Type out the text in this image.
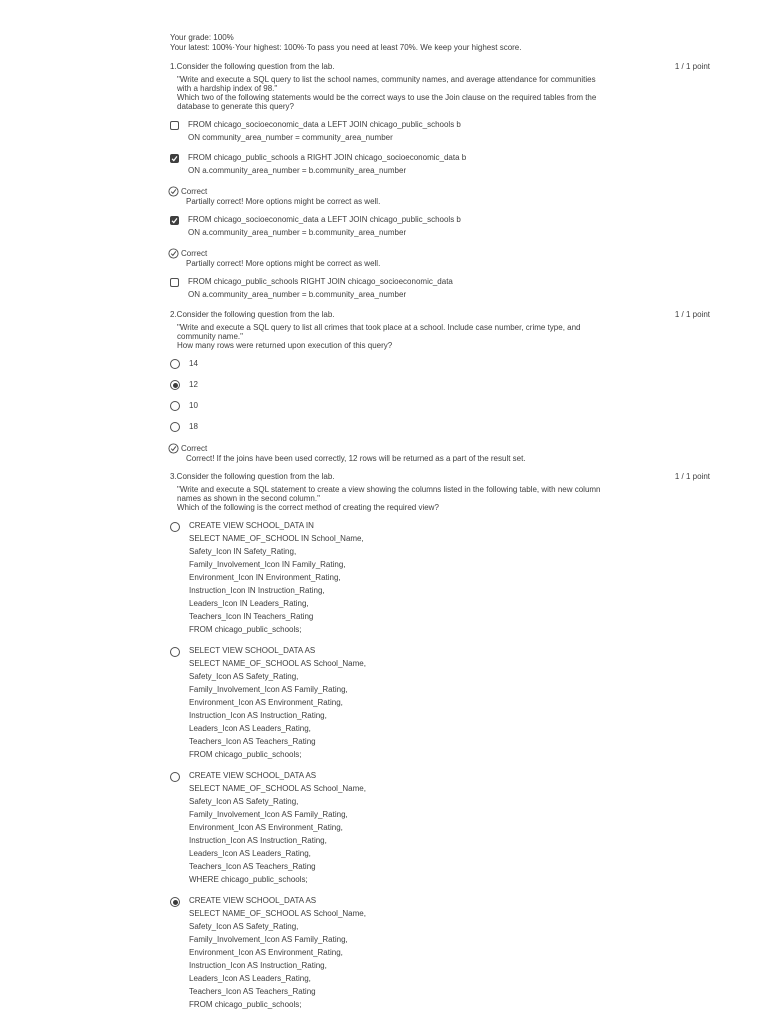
Your grade: 100%
Your latest: 100%·Your highest: 100%·To pass you need at least 70%. We keep your highest score.
1.Consider the following question from the lab.	1 / 1 point
"Write and execute a SQL query to list the school names, community names, and average attendance for communities
with a hardship index of 98."
Which two of the following statements would be the correct ways to use the Join clause on the required tables from the
database to generate this query?
FROM chicago_socioeconomic_data a LEFT JOIN chicago_public_schools b
ON community_area_number = community_area_number
FROM chicago_public_schools a RIGHT JOIN chicago_socioeconomic_data b
ON a.community_area_number = b.community_area_number
Correct
Partially correct! More options might be correct as well.
FROM chicago_socioeconomic_data a LEFT JOIN chicago_public_schools b
ON a.community_area_number = b.community_area_number
Correct
Partially correct! More options might be correct as well.
FROM chicago_public_schools RIGHT JOIN chicago_socioeconomic_data
ON a.community_area_number = b.community_area_number
2.Consider the following question from the lab.	1 / 1 point
"Write and execute a SQL query to list all crimes that took place at a school. Include case number, crime type, and
community name."
How many rows were returned upon execution of this query?
14
12
10
18
Correct
Correct! If the joins have been used correctly, 12 rows will be returned as a part of the result set.
3.Consider the following question from the lab.	1 / 1 point
"Write and execute a SQL statement to create a view showing the columns listed in the following table, with new column
names as shown in the second column."
Which of the following is the correct method of creating the required view?
CREATE VIEW SCHOOL_DATA IN
SELECT NAME_OF_SCHOOL IN School_Name,
Safety_Icon IN Safety_Rating,
Family_Involvement_Icon IN Family_Rating,
Environment_Icon IN Environment_Rating,
Instruction_Icon IN Instruction_Rating,
Leaders_Icon IN Leaders_Rating,
Teachers_Icon IN Teachers_Rating
FROM chicago_public_schools;
SELECT VIEW SCHOOL_DATA AS
SELECT NAME_OF_SCHOOL AS School_Name,
Safety_Icon AS Safety_Rating,
Family_Involvement_Icon AS Family_Rating,
Environment_Icon AS Environment_Rating,
Instruction_Icon AS Instruction_Rating,
Leaders_Icon AS Leaders_Rating,
Teachers_Icon AS Teachers_Rating
FROM chicago_public_schools;
CREATE VIEW SCHOOL_DATA AS
SELECT NAME_OF_SCHOOL AS School_Name,
Safety_Icon AS Safety_Rating,
Family_Involvement_Icon AS Family_Rating,
Environment_Icon AS Environment_Rating,
Instruction_Icon AS Instruction_Rating,
Leaders_Icon AS Leaders_Rating,
Teachers_Icon AS Teachers_Rating
WHERE chicago_public_schools;
CREATE VIEW SCHOOL_DATA AS
SELECT NAME_OF_SCHOOL AS School_Name,
Safety_Icon AS Safety_Rating,
Family_Involvement_Icon AS Family_Rating,
Environment_Icon AS Environment_Rating,
Instruction_Icon AS Instruction_Rating,
Leaders_Icon AS Leaders_Rating,
Teachers_Icon AS Teachers_Rating
FROM chicago_public_schools;
